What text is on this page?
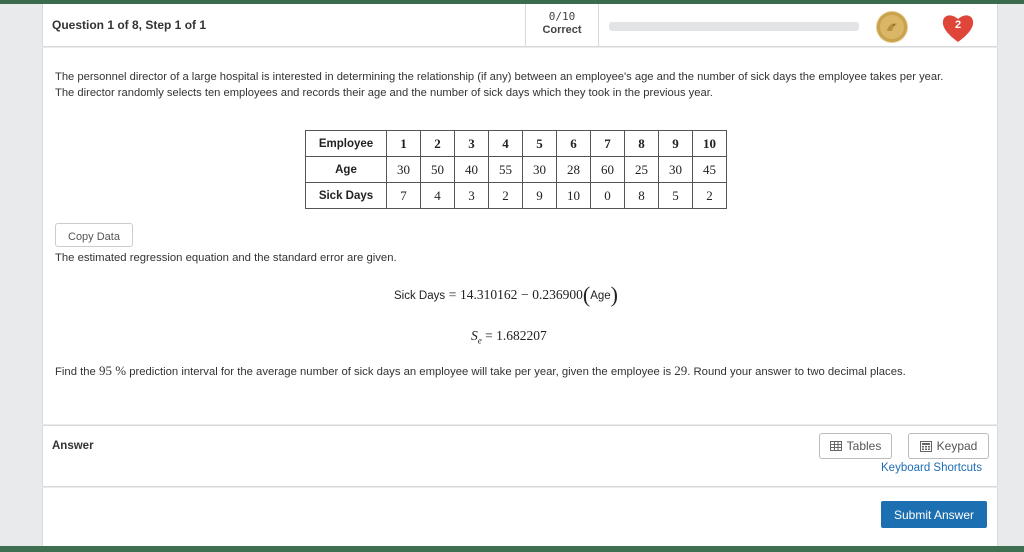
Question 1 of 8, Step 1 of 1
0/10
Correct	2
The personnel director of a large hospital is interested in determining the relationship (if any) between an employee's age and the number of sick days the employee takes per year. The director randomly selects ten employees and records their age and the number of sick days which they took in the previous year.
Employee	1	2	3	4	5	6	7	8	9	10
Age	30	50	40	55	30	28	60	25	30	45
Sick Days	7	4	3	2	9	10	0	8	5	2
Copy Data
The estimated regression equation and the standard error are given.
Sick Days = 14.310162 − 0.236900(Age)
$S_e = 1.682207$
Find the 95 % prediction interval for the average number of sick days an employee will take per year, given the employee is 29. Round your answer to two decimal places.
Answer	Tables	Keypad
Keyboard Shortcuts
Submit Answer
